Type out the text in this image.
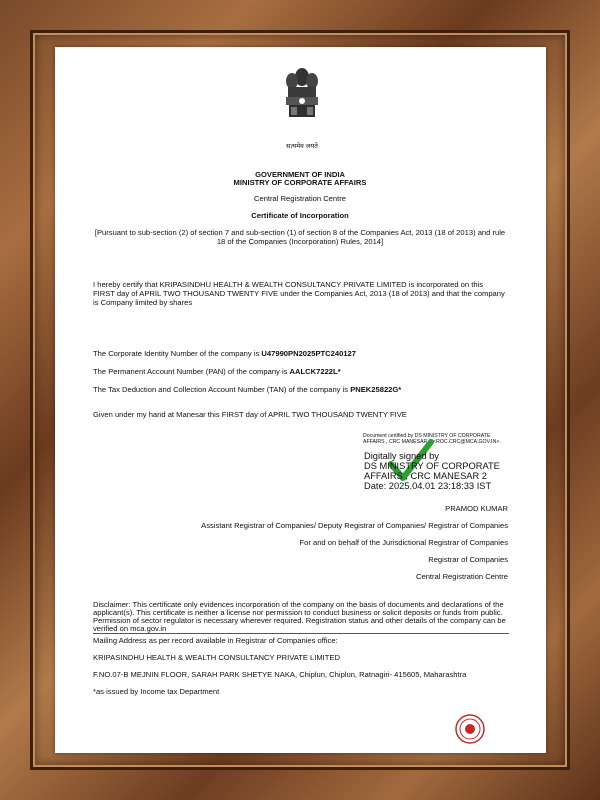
सत्यमेव जयते
GOVERNMENT OF INDIA
MINISTRY OF CORPORATE AFFAIRS
Central Registration Centre
Certificate of Incorporation
[Pursuant to sub-section (2) of section 7 and sub-section (1) of section 8 of the Companies Act, 2013 (18 of 2013) and rule
18 of the Companies (Incorporation) Rules, 2014]
I hereby certify that KRIPASINDHU HEALTH & WEALTH CONSULTANCY PRIVATE LIMITED is incorporated on this
FIRST day of APRIL TWO THOUSAND TWENTY FIVE under the Companies Act, 2013 (18 of 2013) and that the company
is Company limited by shares
The Corporate Identity Number of the company is U47990PN2025PTC240127
The Permanent Account Number (PAN) of the company is AALCK7222L*
The Tax Deduction and Collection Account Number (TAN) of the company is PNEK25822G*
Given under my hand at Manesar this FIRST day of APRIL TWO THOUSAND TWENTY FIVE
Document certified by DS MINISTRY OF CORPORATE
AFFAIRS , CRC MANESAR 2 <ROC.CRC@MCA.GOV.IN>.
Digitally signed by
DS MINISTRY OF CORPORATE
AFFAIRS , CRC MANESAR 2
Date: 2025.04.01 23:18:33 IST
PRAMOD KUMAR
Assistant Registrar of Companies/ Deputy Registrar of Companies/ Registrar of Companies
For and on behalf of the Jurisdictional Registrar of Companies
Registrar of Companies
Central Registration Centre
Disclaimer: This certificate only evidences incorporation of the company on the basis of documents and declarations of the
applicant(s). This certificate is neither a license nor permission to conduct business or solicit deposits or funds from public.
Permission of sector regulator is necessary wherever required. Registration status and other details of the company can be
verified on mca.gov.in
Mailing Address as per record available in Registrar of Companies office:
KRIPASINDHU HEALTH & WEALTH CONSULTANCY PRIVATE LIMITED
F.NO.07-B MEJNIN FLOOR, SARAH PARK SHETYE NAKA, Chiplun, Chiplun, Ratnagiri- 415605, Maharashtra
*as issued by Income tax Department
